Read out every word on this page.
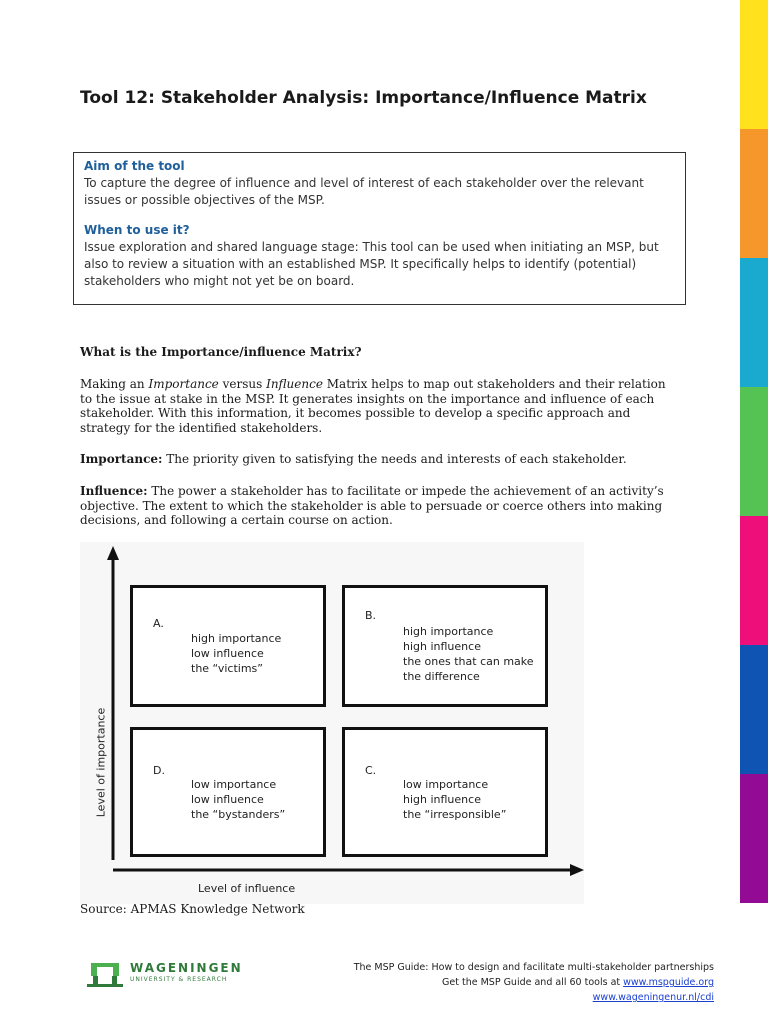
Tool 12: Stakeholder Analysis: Importance/Influence Matrix
Aim of the tool

To capture the degree of influence and level of interest of each stakeholder over the relevant issues or possible objectives of the MSP.

When to use it?

Issue exploration and shared language stage: This tool can be used when initiating an MSP, but also to review a situation with an established MSP. It specifically helps to identify (potential) stakeholders who might not yet be on board.

What is the Importance/influence Matrix?
Making an Importance versus Influence Matrix helps to map out stakeholders and their relation to the issue at stake in the MSP. It generates insights on the importance and influence of each stakeholder. With this information, it becomes possible to develop a specific approach and strategy for the identified stakeholders.
Importance: The priority given to satisfying the needs and interests of each stakeholder.
Influence: The power a stakeholder has to facilitate or impede the achievement of an activity’s objective. The extent to which the stakeholder is able to persuade or coerce others into making decisions, and following a certain course on action.
Level of importance
Level of influence
A.
high importance
low influence
the “victims”
B.
high importance
high influence
the ones that can make
the difference
D.
low importance
low influence
the “bystanders”
C.
low importance
high influence
the “irresponsible”
Source: APMAS Knowledge Network
WAGENINGEN
UNIVERSITY & RESEARCH
The MSP Guide: How to design and facilitate multi-stakeholder partnerships
Get the MSP Guide and all 60 tools at www.mspguide.org
www.wageningenur.nl/cdi
